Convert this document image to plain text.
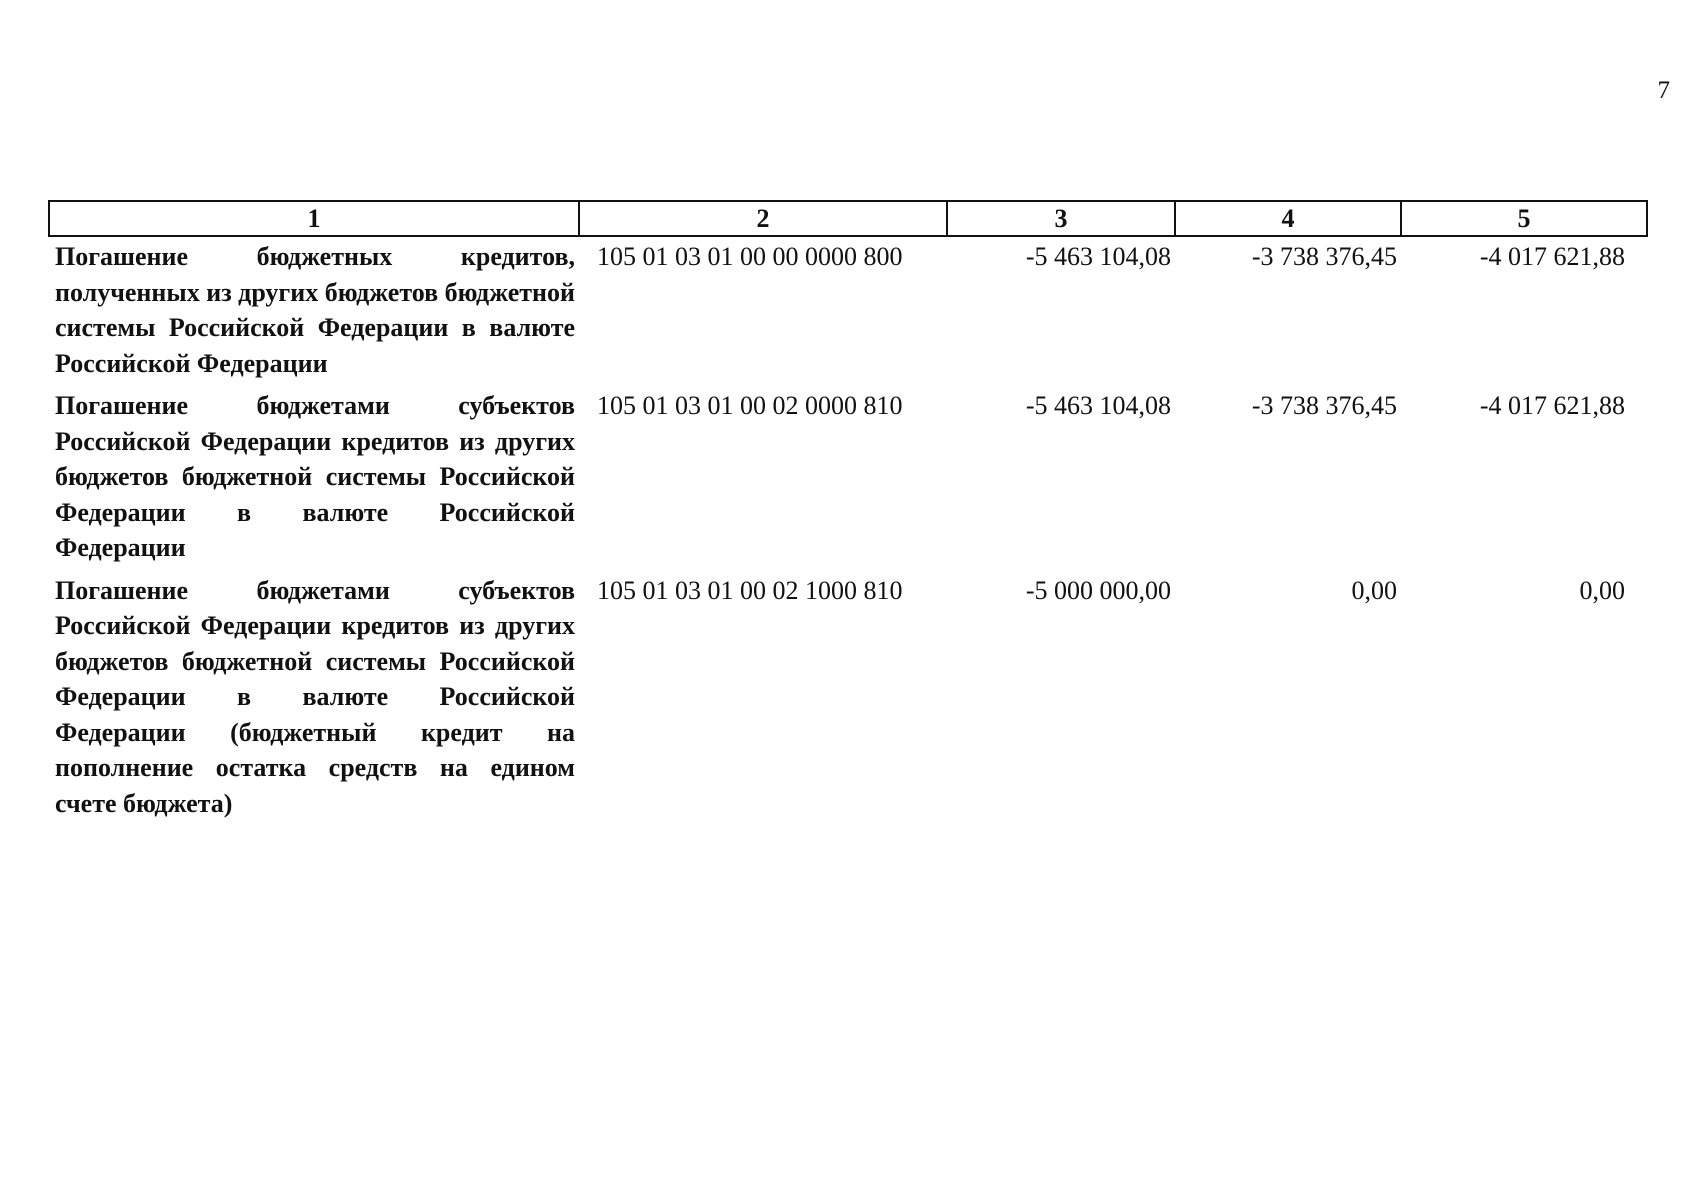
7
1	2	3	4	5
Погашение бюджетных кредитов, полученных из других бюджетов бюджетной системы Российской Федерации в валюте Российской Федерации	105 01 03 01 00 00 0000 800	-5 463 104,08	-3 738 376,45	-4 017 621,88
Погашение бюджетами субъектов Российской Федерации кредитов из других бюджетов бюджетной системы Российской Федерации в валюте Российской Федерации	105 01 03 01 00 02 0000 810	-5 463 104,08	-3 738 376,45	-4 017 621,88
Погашение бюджетами субъектов Российской Федерации кредитов из других бюджетов бюджетной системы Российской Федерации в валюте Российской Федерации (бюджетный кредит на пополнение остатка средств на едином счете бюджета)	105 01 03 01 00 02 1000 810	-5 000 000,00	0,00	0,00
